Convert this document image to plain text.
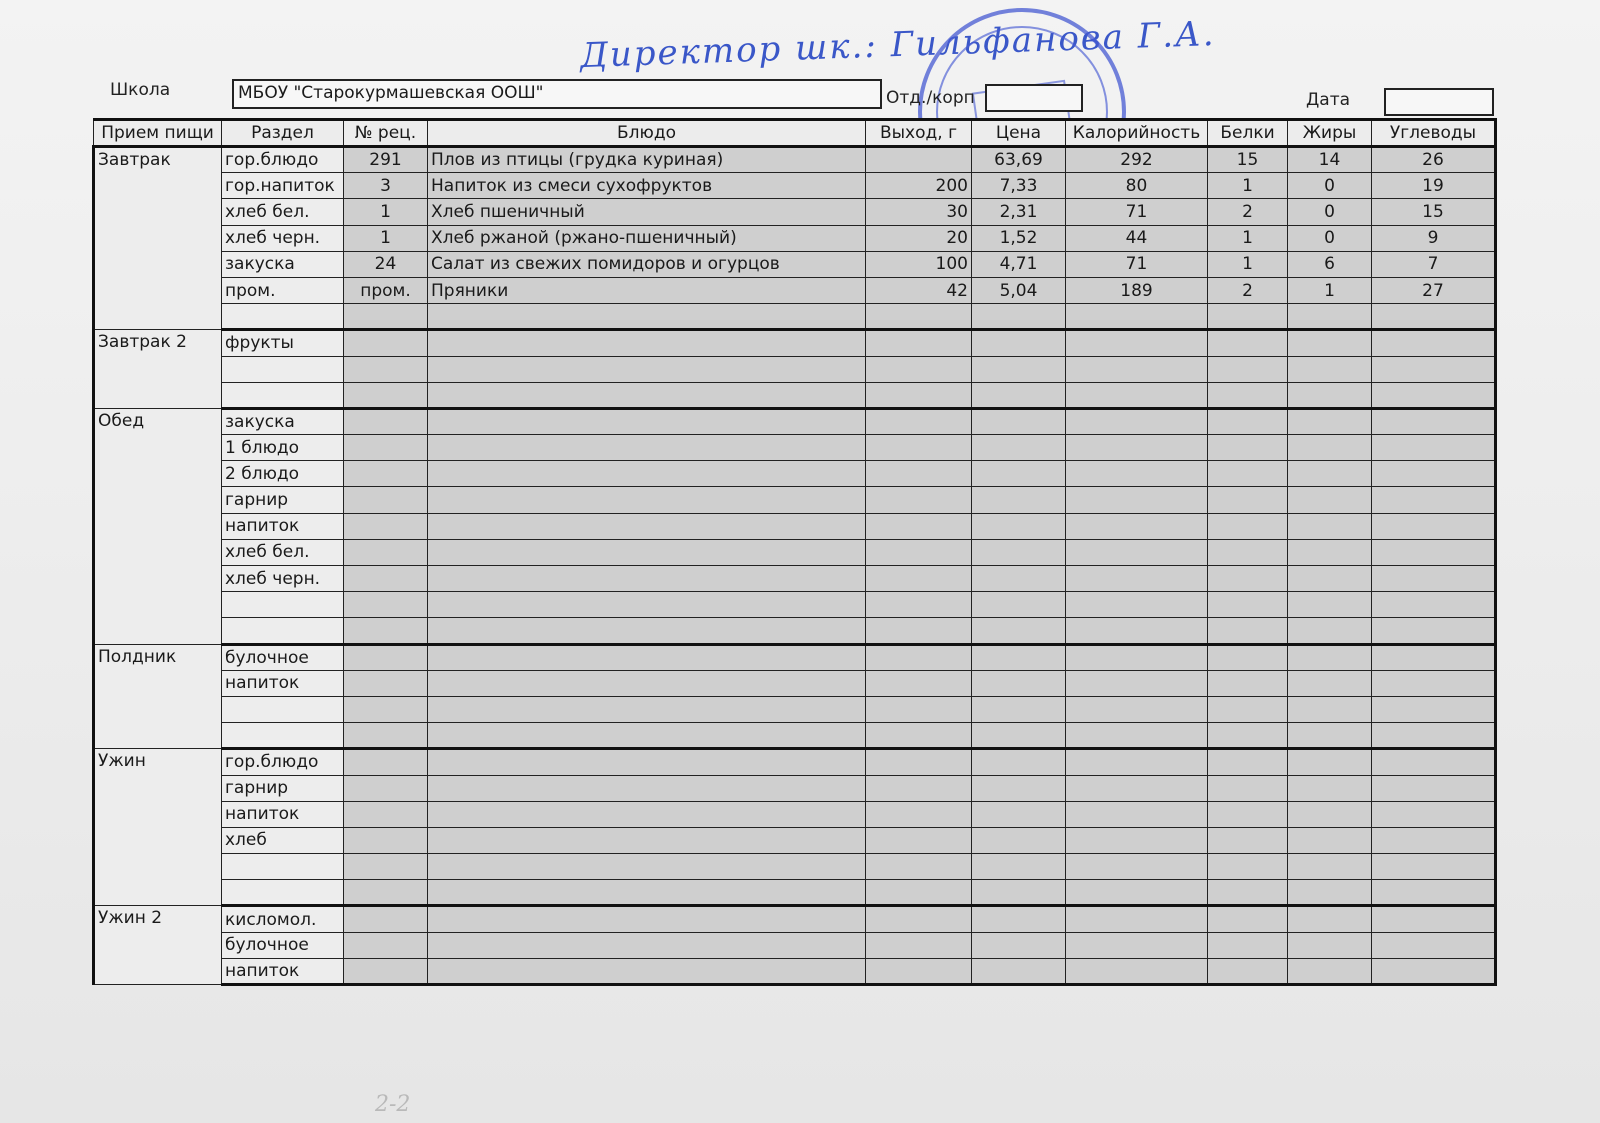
Директор шк.: Гильфанова Г.А.
Школа	МБОУ "Старокурмашевская ООШ"	Отд./корп	Дата
Прием пищи	Раздел	№ рец.	Блюдо	Выход, г	Цена	Калорийность	Белки	Жиры	Углеводы
Завтрак	гор.блюдо	291	Плов из птицы (грудка куриная)		63,69	292	15	14	26
	гор.напиток	3	Напиток из смеси сухофруктов	200	7,33	80	1	0	19
	хлеб бел.	1	Хлеб пшеничный	30	2,31	71	2	0	15
	хлеб черн.	1	Хлеб ржаной (ржано-пшеничный)	20	1,52	44	1	0	9
	закуска	24	Салат из свежих помидоров и огурцов	100	4,71	71	1	6	7
	пром.	пром.	Пряники	42	5,04	189	2	1	27

Завтрак 2	фрукты								

Обед	закуска								
	1 блюдо								
	2 блюдо								
	гарнир								
	напиток								
	хлеб бел.								
	хлеб черн.								

Полдник	булочное								
	напиток								

Ужин	гор.блюдо								
	гарнир								
	напиток								
	хлеб								

Ужин 2	кисломол.								
	булочное								
	напиток								
2-2
